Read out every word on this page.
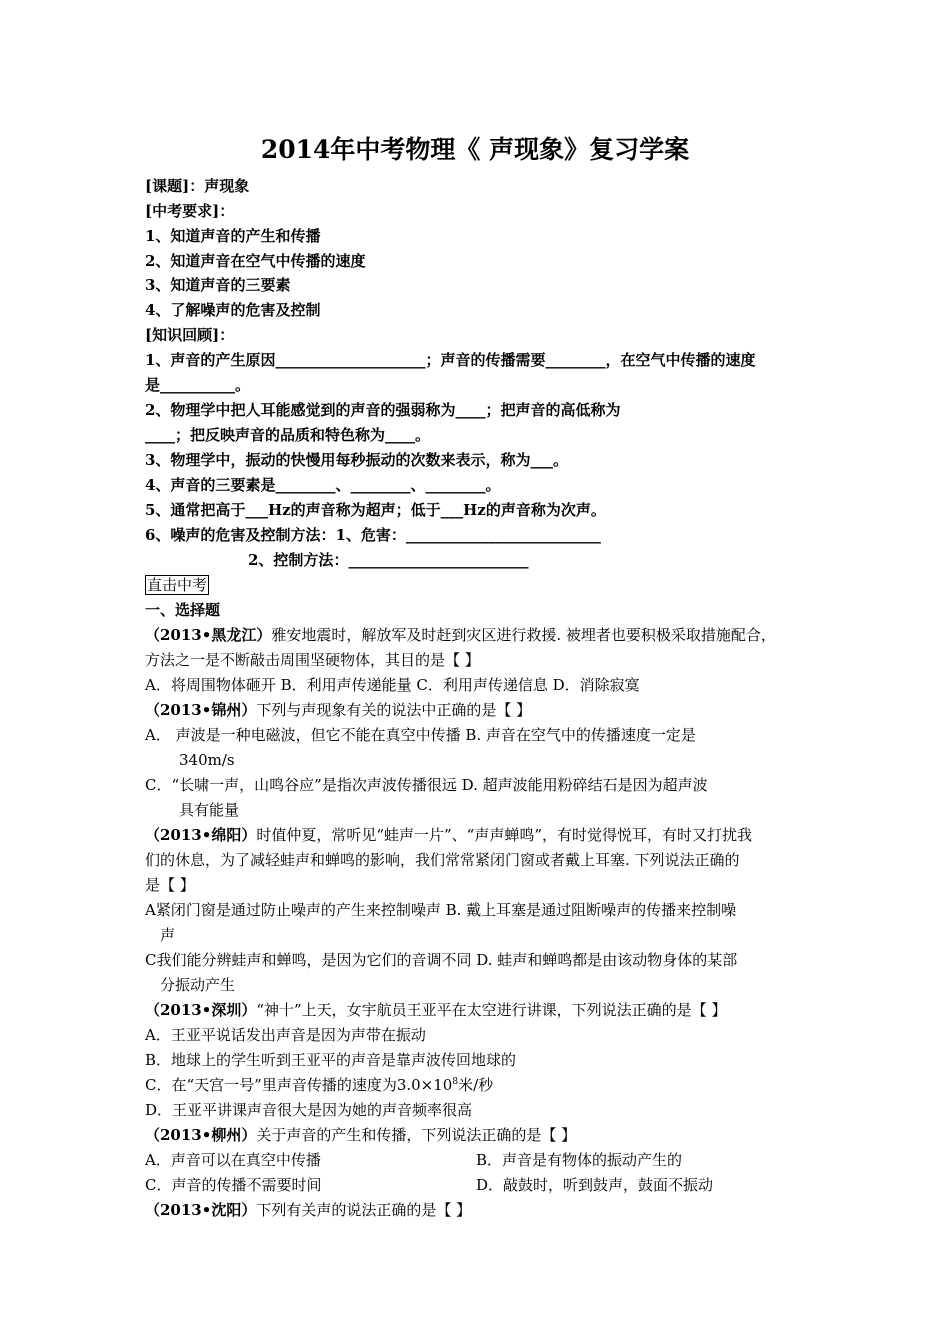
2014年中考物理《 声现象》复习学案
[课题]：声现象
[中考要求]：
1、知道声音的产生和传播
2、知道声音在空气中传播的速度
3、知道声音的三要素
4、了解噪声的危害及控制
[知识回顾]：
1、声音的产生原因____________________；声音的传播需要________，在空气中传播的速度
是__________。
2、物理学中把人耳能感觉到的声音的强弱称为____；把声音的高低称为
____；把反映声音的品质和特色称为____。
3、物理学中，振动的快慢用每秒振动的次数来表示，称为___。
4、声音的三要素是________、________、________。
5、通常把高于___Hz的声音称为超声；低于___Hz的声音称为次声。
6、噪声的危害及控制方法：1、危害：__________________________
2、控制方法：________________________
直击中考
一、选择题
（2013•黑龙江）雅安地震时，解放军及时赶到灾区进行救援. 被埋者也要积极采取措施配合，
方法之一是不断敲击周围坚硬物体，其目的是【 】
A．将周围物体砸开 B．利用声传递能量 C．利用声传递信息 D．消除寂寞
（2013•锦州）下列与声现象有关的说法中正确的是【 】
A． 声波是一种电磁波，但它不能在真空中传播 B. 声音在空气中的传播速度一定是
340m/s
C．“长啸一声，山鸣谷应”是指次声波传播很远 D. 超声波能用粉碎结石是因为超声波
具有能量
（2013•绵阳）时值仲夏，常听见“蛙声一片”、“声声蝉鸣”，有时觉得悦耳，有时又打扰我
们的休息，为了减轻蛙声和蝉鸣的影响，我们常常紧闭门窗或者戴上耳塞. 下列说法正确的
是【 】
A紧闭门窗是通过防止噪声的产生来控制噪声 B. 戴上耳塞是通过阻断噪声的传播来控制噪
声
C我们能分辨蛙声和蝉鸣，是因为它们的音调不同 D. 蛙声和蝉鸣都是由该动物身体的某部
分振动产生
（2013•深圳）“神十”上天，女宇航员王亚平在太空进行讲课，下列说法正确的是【 】
A．王亚平说话发出声音是因为声带在振动
B．地球上的学生听到王亚平的声音是靠声波传回地球的
C．在“天宫一号”里声音传播的速度为$3.0\times 10^8$米/秒
D．王亚平讲课声音很大是因为她的声音频率很高
（2013•柳州）关于声音的产生和传播，下列说法正确的是【 】
A．声音可以在真空中传播	B．声音是有物体的振动产生的
C．声音的传播不需要时间	D．敲鼓时，听到鼓声，鼓面不振动
（2013•沈阳）下列有关声的说法正确的是【 】
